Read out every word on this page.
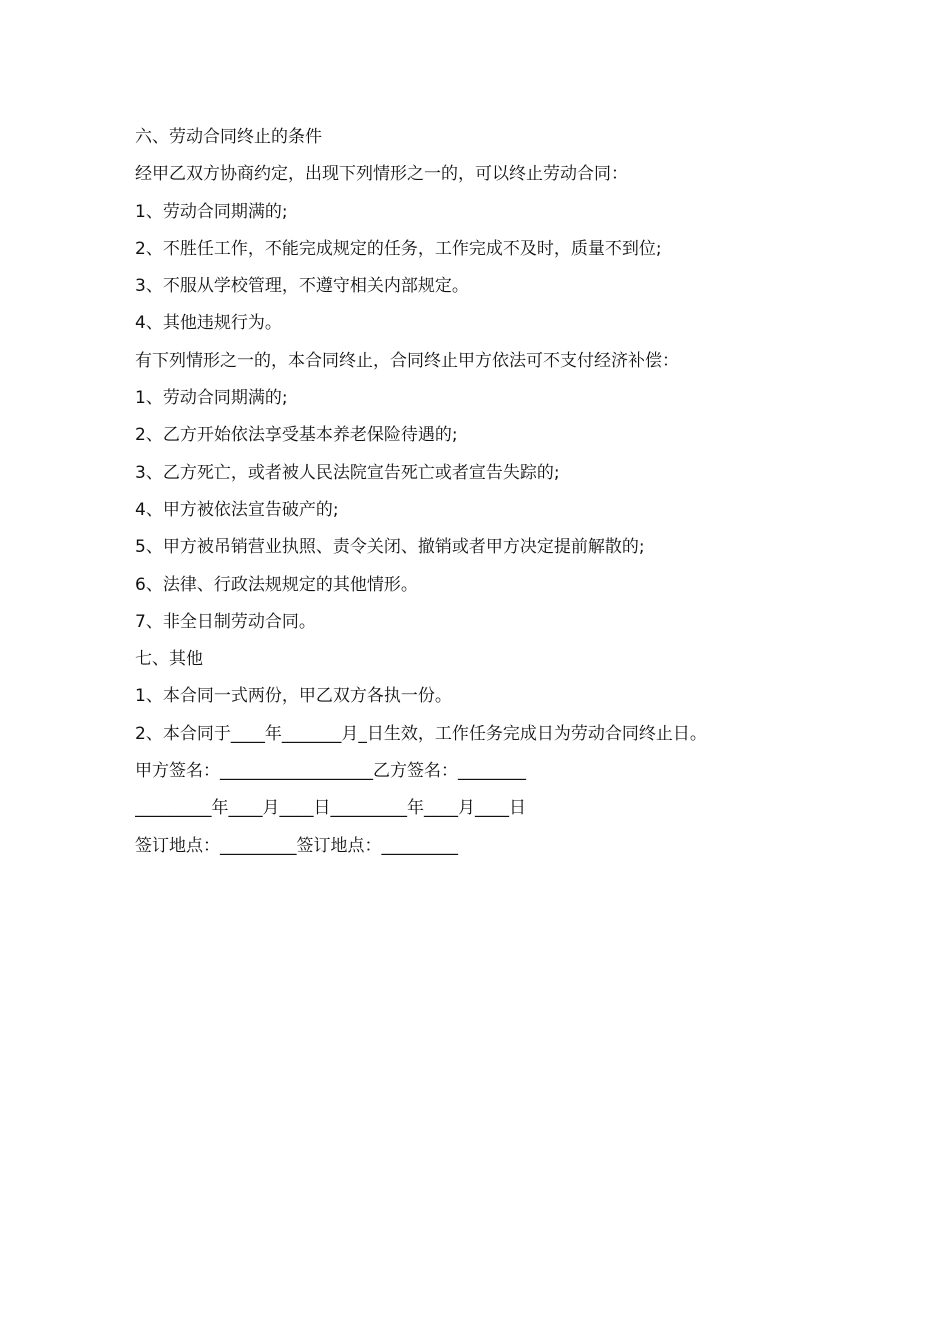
六、劳动合同终止的条件
经甲乙双方协商约定，出现下列情形之一的，可以终止劳动合同：
1、劳动合同期满的;
2、不胜任工作，不能完成规定的任务，工作完成不及时，质量不到位;
3、不服从学校管理，不遵守相关内部规定。
4、其他违规行为。
有下列情形之一的，本合同终止，合同终止甲方依法可不支付经济补偿：
1、劳动合同期满的;
2、乙方开始依法享受基本养老保险待遇的;
3、乙方死亡，或者被人民法院宣告死亡或者宣告失踪的;
4、甲方被依法宣告破产的;
5、甲方被吊销营业执照、责令关闭、撤销或者甲方决定提前解散的;
6、法律、行政法规规定的其他情形。
7、非全日制劳动合同。
七、其他
1、本合同一式两份，甲乙双方各执一份。
2、本合同于____年_______月_日生效，工作任务完成日为劳动合同终止日。
甲方签名：__________________乙方签名：________
_________年____月____日_________年____月____日
签订地点：_________签订地点：_________
